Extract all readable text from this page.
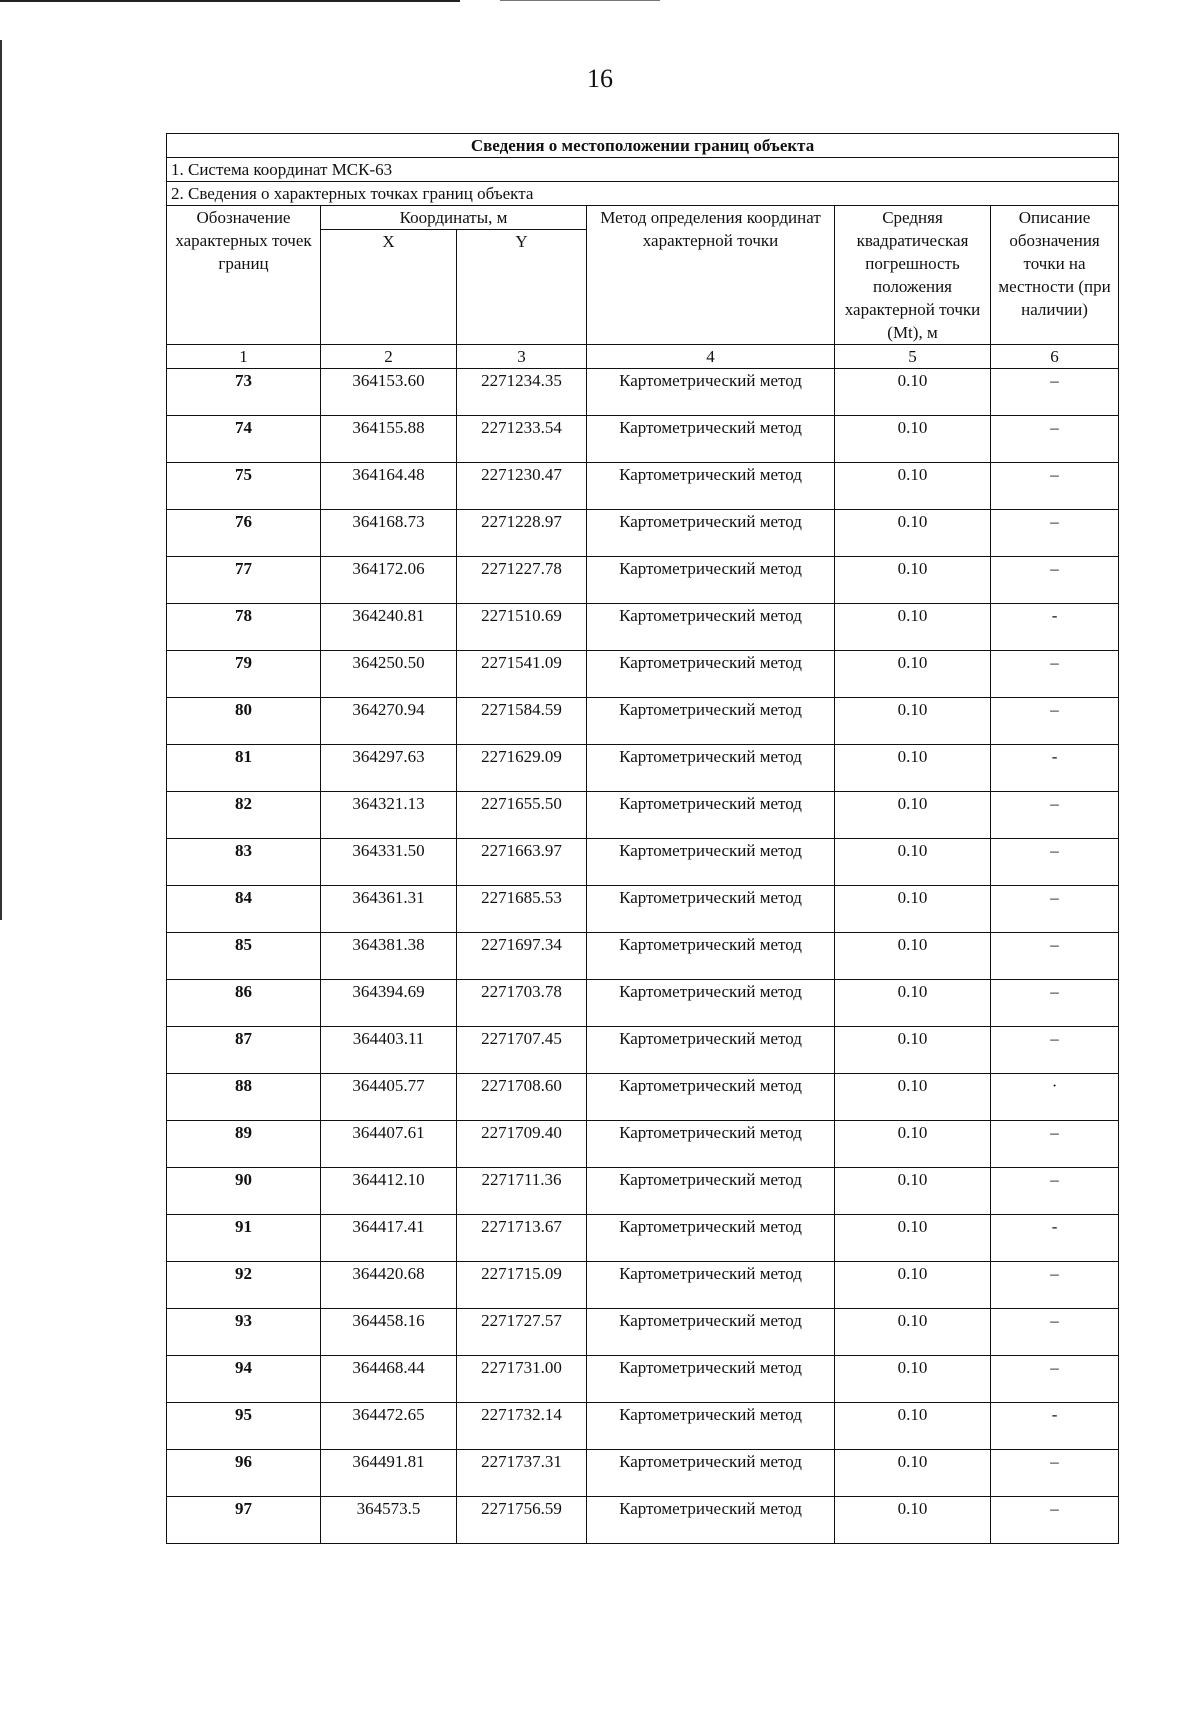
16
Сведения о местоположении границ объекта					
1. Система координат МСК-63					
2. Сведения о характерных точках границ объекта					
Обозначение характерных точек границ	Координаты, м		Метод определения координат характерной точки	Средняя квадратическая погрешность положения характерной точки (Mt), м	Описание обозначения точки на местности (при наличии)
	X	Y			
1	2	3	4	5	6
73	364153.60	2271234.35	Картометрический метод	0.10	–
74	364155.88	2271233.54	Картометрический метод	0.10	–
75	364164.48	2271230.47	Картометрический метод	0.10	–
76	364168.73	2271228.97	Картометрический метод	0.10	–
77	364172.06	2271227.78	Картометрический метод	0.10	–
78	364240.81	2271510.69	Картометрический метод	0.10	-
79	364250.50	2271541.09	Картометрический метод	0.10	–
80	364270.94	2271584.59	Картометрический метод	0.10	–
81	364297.63	2271629.09	Картометрический метод	0.10	-
82	364321.13	2271655.50	Картометрический метод	0.10	–
83	364331.50	2271663.97	Картометрический метод	0.10	–
84	364361.31	2271685.53	Картометрический метод	0.10	–
85	364381.38	2271697.34	Картометрический метод	0.10	–
86	364394.69	2271703.78	Картометрический метод	0.10	–
87	364403.11	2271707.45	Картометрический метод	0.10	–
88	364405.77	2271708.60	Картометрический метод	0.10	·
89	364407.61	2271709.40	Картометрический метод	0.10	–
90	364412.10	2271711.36	Картометрический метод	0.10	–
91	364417.41	2271713.67	Картометрический метод	0.10	-
92	364420.68	2271715.09	Картометрический метод	0.10	–
93	364458.16	2271727.57	Картометрический метод	0.10	–
94	364468.44	2271731.00	Картометрический метод	0.10	–
95	364472.65	2271732.14	Картометрический метод	0.10	-
96	364491.81	2271737.31	Картометрический метод	0.10	–
97	364573.5	2271756.59	Картометрический метод	0.10	–
